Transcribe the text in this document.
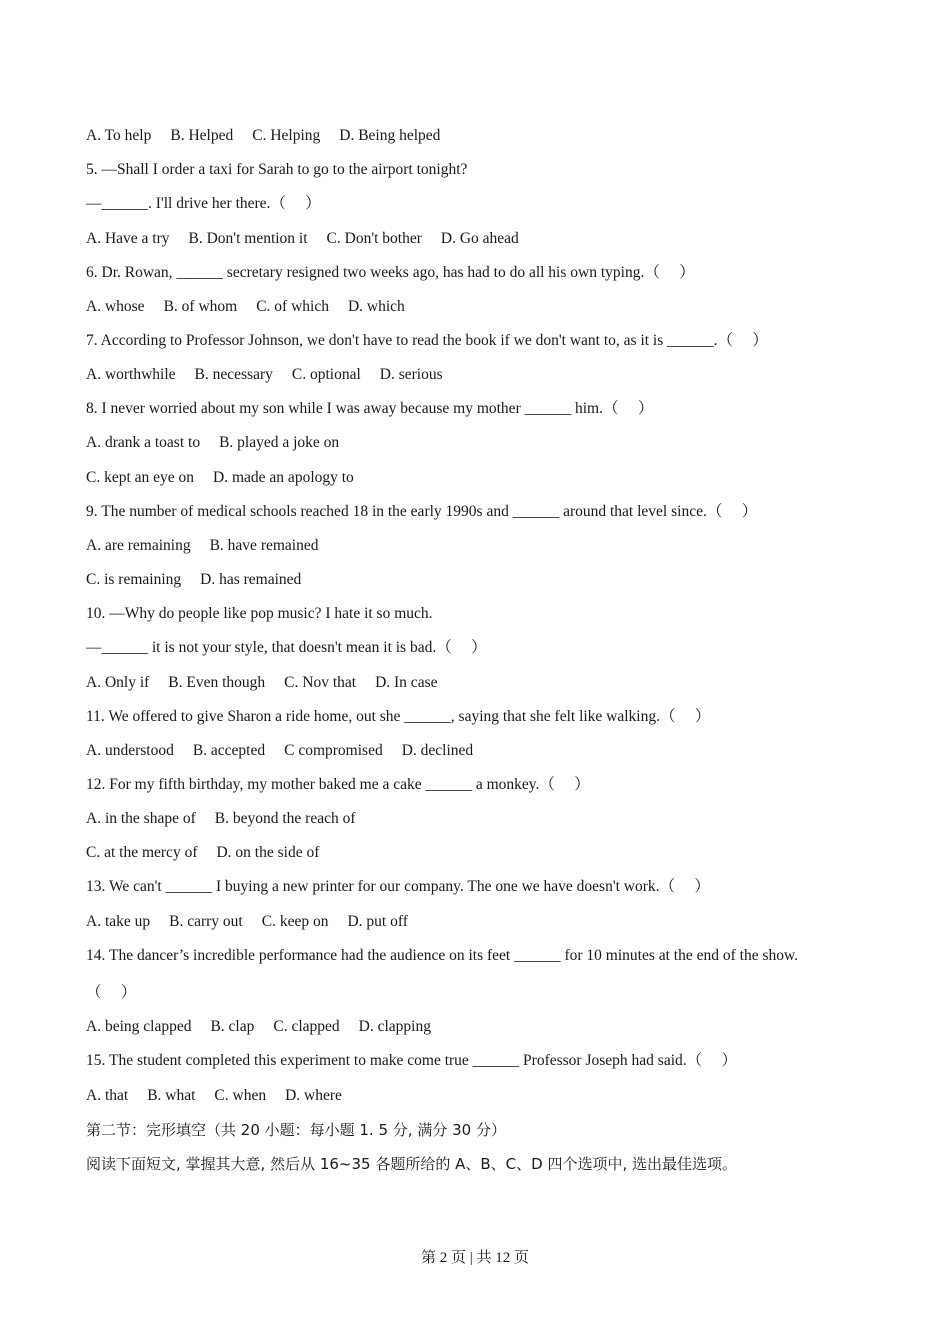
A. To help B. Helped C. Helping D. Being helped
5. —Shall I order a taxi for Sarah to go to the airport tonight?
—______. I'll drive her there.（　 ）
A. Have a try B. Don't mention it C. Don't bother D. Go ahead
6. Dr. Rowan, ______ secretary resigned two weeks ago, has had to do all his own typing.（　 ）
A. whose B. of whom C. of which D. which
7. According to Professor Johnson, we don't have to read the book if we don't want to, as it is ______.（　 ）
A. worthwhile B. necessary C. optional D. serious
8. I never worried about my son while I was away because my mother ______ him.（　 ）
A. drank a toast to B. played a joke on
C. kept an eye on D. made an apology to
9. The number of medical schools reached 18 in the early 1990s and ______ around that level since.（　 ）
A. are remaining B. have remained
C. is remaining D. has remained
10. —Why do people like pop music? I hate it so much.
—______ it is not your style, that doesn't mean it is bad.（　 ）
A. Only if B. Even though C. Nov that D. In case
11. We offered to give Sharon a ride home, out she ______, saying that she felt like walking.（　 ）
A. understood B. accepted C compromised D. declined
12. For my fifth birthday, my mother baked me a cake ______ a monkey.（　 ）
A. in the shape of B. beyond the reach of
C. at the mercy of D. on the side of
13. We can't ______ I buying a new printer for our company. The one we have doesn't work.（　 ）
A. take up B. carry out C. keep on D. put off
14. The dancer’s incredible performance had the audience on its feet ______ for 10 minutes at the end of the show.
（　 ）
A. being clapped B. clap C. clapped D. clapping
15. The student completed this experiment to make come true ______ Professor Joseph had said.（　 ）
A. that B. what C. when D. where
第二节：完形填空（共 20 小题：每小题 1. 5 分, 满分 30 分）
阅读下面短文, 掌握其大意, 然后从 16~35 各题所给的 A、B、C、D 四个选项中, 选出最佳选项。
第 2 页 | 共 12 页
